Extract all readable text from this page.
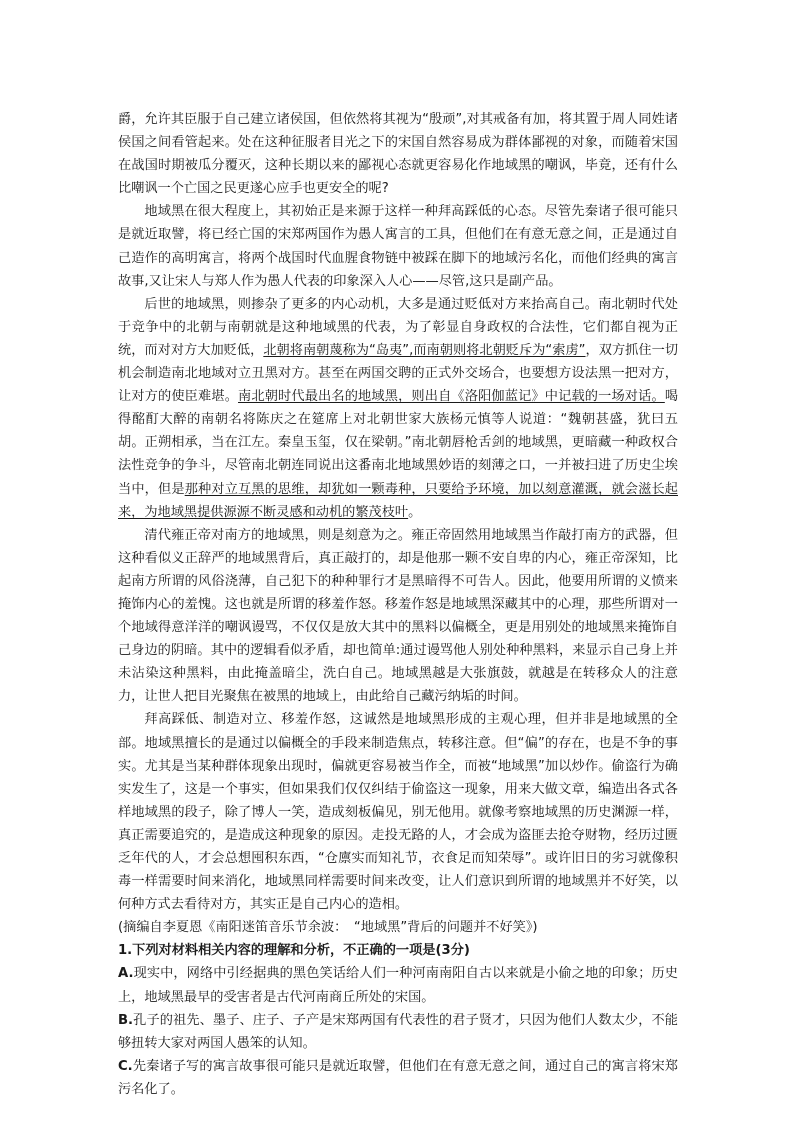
爵，允许其臣服于自己建立诸侯国，但依然将其视为“殷顽”,对其戒备有加，将其置于周人同姓诸侯国之间看管起来。处在这种征服者目光之下的宋国自然容易成为群体鄙视的对象，而随着宋国在战国时期被瓜分覆灭，这种长期以来的鄙视心态就更容易化作地域黑的嘲讽，毕竟，还有什么比嘲讽一个亡国之民更遂心应手也更安全的呢?

地域黑在很大程度上，其初始正是来源于这样一种拜高踩低的心态。尽管先秦诸子很可能只是就近取譬，将已经亡国的宋郑两国作为愚人寓言的工具，但他们在有意无意之间，正是通过自己造作的高明寓言，将两个战国时代血腥食物链中被踩在脚下的地域污名化，而他们经典的寓言故事,又让宋人与郑人作为愚人代表的印象深入人心——尽管,这只是副产品。

后世的地域黑，则掺杂了更多的内心动机，大多是通过贬低对方来抬高自己。南北朝时代处于竞争中的北朝与南朝就是这种地域黑的代表，为了彰显自身政权的合法性，它们都自视为正统，而对对方大加贬低，北朝将南朝蔑称为“岛夷”,而南朝则将北朝贬斥为“索虏”，双方抓住一切机会制造南北地域对立丑黑对方。甚至在两国交聘的正式外交场合，也要想方设法黑一把对方，让对方的使臣难堪。南北朝时代最出名的地域黑，则出自《洛阳伽蓝记》中记载的一场对话。喝得酩酊大醉的南朝名将陈庆之在筵席上对北朝世家大族杨元慎等人说道：“魏朝甚盛，犹曰五胡。正朔相承，当在江左。秦皇玉玺，仅在梁朝。”南北朝唇枪舌剑的地域黑，更暗藏一种政权合法性竞争的争斗，尽管南北朝连同说出这番南北地域黑妙语的刻薄之口，一并被扫进了历史尘埃当中，但是那种对立互黑的思维，却犹如一颗毒种，只要给予环境，加以刻意灌溉，就会滋长起来，为地域黑提供源源不断灵感和动机的繁茂枝叶。

清代雍正帝对南方的地域黑，则是刻意为之。雍正帝固然用地域黑当作敲打南方的武器，但这种看似义正辞严的地域黑背后，真正敲打的，却是他那一颗不安自卑的内心，雍正帝深知，比起南方所谓的风俗浇薄，自己犯下的种种罪行才是黑暗得不可告人。因此，他要用所谓的义愤来掩饰内心的羞愧。这也就是所谓的移羞作怒。移羞作怒是地域黑深藏其中的心理，那些所谓对一个地域得意洋洋的嘲讽谩骂，不仅仅是放大其中的黑料以偏概全，更是用别处的地域黑来掩饰自己身边的阴暗。其中的逻辑看似矛盾，却也简单:通过谩骂他人别处种种黑料，来显示自己身上并未沾染这种黑料，由此掩盖暗尘，洗白自己。地域黑越是大张旗鼓，就越是在转移众人的注意力，让世人把目光聚焦在被黑的地域上，由此给自己藏污纳垢的时间。

拜高踩低、制造对立、移羞作怒，这诚然是地域黑形成的主观心理，但并非是地域黑的全部。地域黑擅长的是通过以偏概全的手段来制造焦点，转移注意。但“偏”的存在，也是不争的事实。尤其是当某种群体现象出现时，偏就更容易被当作全，而被“地域黑”加以炒作。偷盗行为确实发生了，这是一个事实，但如果我们仅仅纠结于偷盗这一现象，用来大做文章，编造出各式各样地域黑的段子，除了博人一笑，造成刻板偏见，别无他用。就像考察地域黑的历史渊源一样，真正需要追究的，是造成这种现象的原因。走投无路的人，才会成为盗匪去抢夺财物，经历过匮乏年代的人，才会总想囤积东西，“仓廪实而知礼节，衣食足而知荣辱”。或许旧日的劣习就像积毒一样需要时间来消化，地域黑同样需要时间来改变，让人们意识到所谓的地域黑并不好笑，以何种方式去看待对方，其实正是自己内心的造相。

(摘编自李夏恩《南阳迷笛音乐节余波：　“地域黑”背后的问题并不好笑》)

1.下列对材料相关内容的理解和分析，不正确的一项是(3分)

A.现实中，网络中引经据典的黑色笑话给人们一种河南南阳自古以来就是小偷之地的印象；历史上，地域黑最早的受害者是古代河南商丘所处的宋国。

B.孔子的祖先、墨子、庄子、子产是宋郑两国有代表性的君子贤才，只因为他们人数太少，不能够扭转大家对两国人愚笨的认知。

C.先秦诸子写的寓言故事很可能只是就近取譬，但他们在有意无意之间，通过自己的寓言将宋郑污名化了。
